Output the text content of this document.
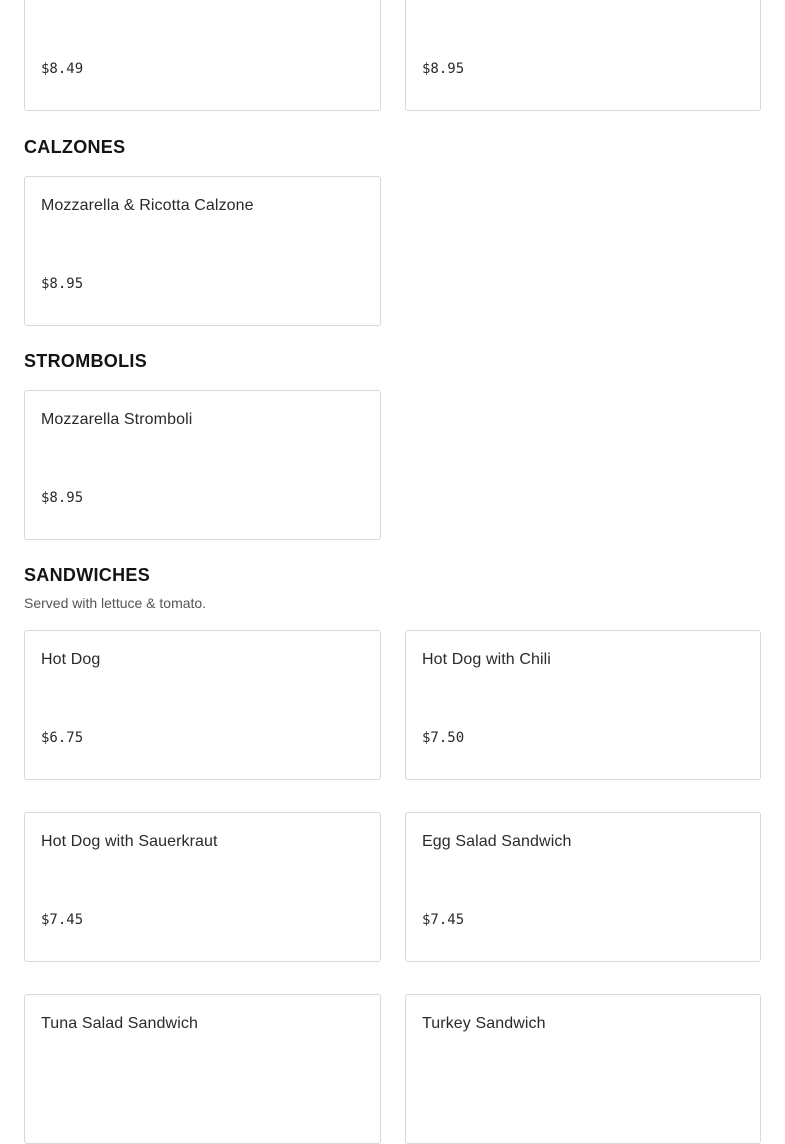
$8.49	$8.95
CALZONES
Mozzarella & Ricotta Calzone
$8.95
STROMBOLIS
Mozzarella Stromboli
$8.95
SANDWICHES
Served with lettuce & tomato.
Hot Dog
$6.75
Hot Dog with Chili
$7.50
Hot Dog with Sauerkraut
$7.45
Egg Salad Sandwich
$7.45
Tuna Salad Sandwich	Turkey Sandwich
